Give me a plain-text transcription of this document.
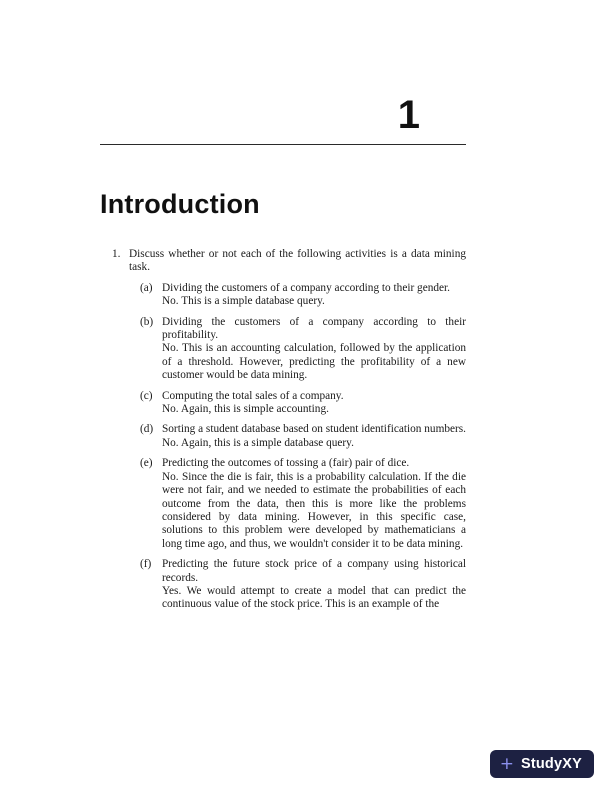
1
Introduction
1. Discuss whether or not each of the following activities is a data mining task.
(a) Dividing the customers of a company according to their gender.
No. This is a simple database query.
(b) Dividing the customers of a company according to their profitability.
No. This is an accounting calculation, followed by the application of a threshold. However, predicting the profitability of a new customer would be data mining.
(c) Computing the total sales of a company.
No. Again, this is simple accounting.
(d) Sorting a student database based on student identification numbers.
No. Again, this is a simple database query.
(e) Predicting the outcomes of tossing a (fair) pair of dice.
No. Since the die is fair, this is a probability calculation. If the die were not fair, and we needed to estimate the probabilities of each outcome from the data, then this is more like the problems considered by data mining. However, in this specific case, solutions to this problem were developed by mathematicians a long time ago, and thus, we wouldn't consider it to be data mining.
(f) Predicting the future stock price of a company using historical records.
Yes. We would attempt to create a model that can predict the continuous value of the stock price. This is an example of the
+ StudyXY
